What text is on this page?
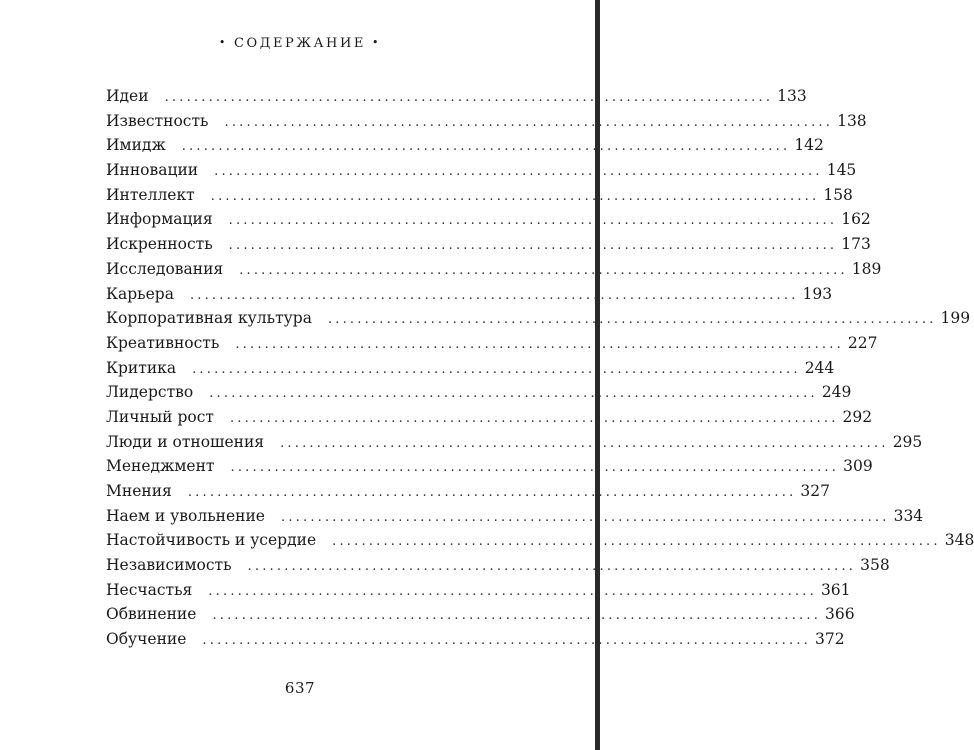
• СОДЕРЖАНИЕ •
Идеи ................................................................................... 133
Известность ................................................................................... 138
Имидж ................................................................................... 142
Инновации ................................................................................... 145
Интеллект ................................................................................... 158
Информация ................................................................................... 162
Искренность ................................................................................... 173
Исследования ................................................................................... 189
Карьера ................................................................................... 193
Корпоративная культура ................................................................................... 199
Креативность ................................................................................... 227
Критика ................................................................................... 244
Лидерство ................................................................................... 249
Личный рост ................................................................................... 292
Люди и отношения ................................................................................... 295
Менеджмент ................................................................................... 309
Мнения ................................................................................... 327
Наем и увольнение ................................................................................... 334
Настойчивость и усердие ................................................................................... 348
Независимость ................................................................................... 358
Несчастья ................................................................................... 361
Обвинение ................................................................................... 366
Обучение ................................................................................... 372
637
